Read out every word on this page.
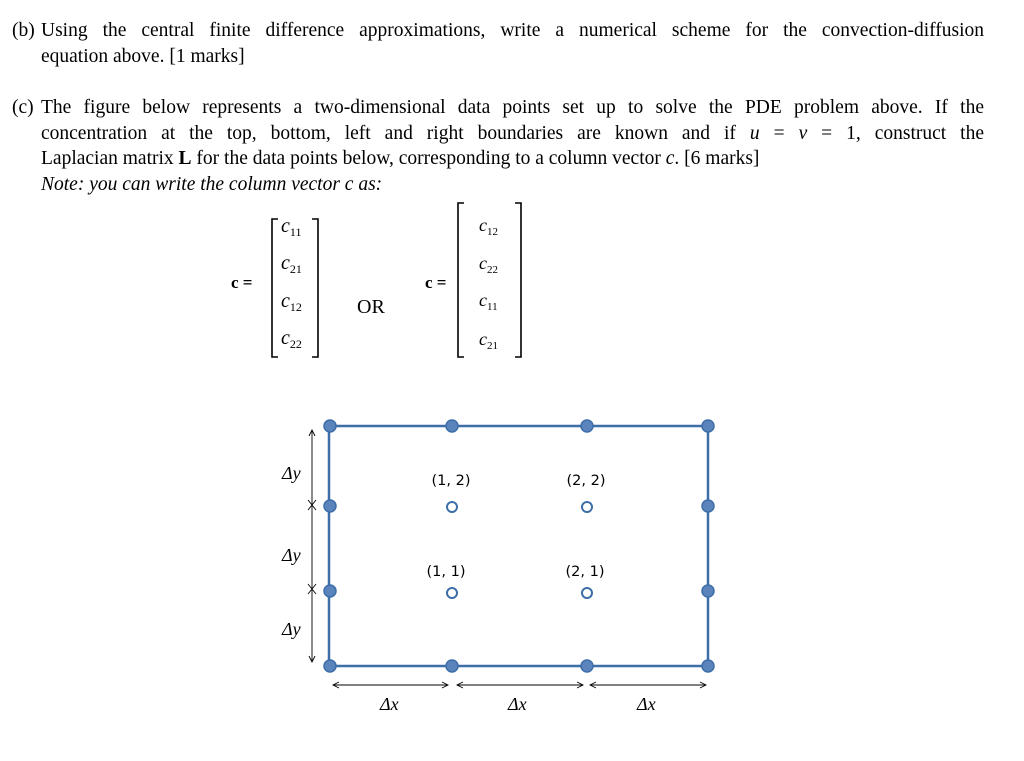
(b) Using the central finite difference approximations, write a numerical scheme for the convection-diffusion
equation above. [1 marks]
(c) The figure below represents a two-dimensional data points set up to solve the PDE problem above. If the
concentration at the top, bottom, left and right boundaries are known and if u = v = 1, construct the
Laplacian matrix L for the data points below, corresponding to a column vector c. [6 marks]
Note: you can write the column vector c as:
c =
$c_{11}$
$c_{21}$
$c_{12}$
$c_{22}$
OR
c =
$c_{12}$
$c_{22}$
$c_{11}$
$c_{21}$
(1, 2)	(2, 2)
(1, 1)	(2, 1)
Δy
Δy
Δy
Δx	Δx	Δx
